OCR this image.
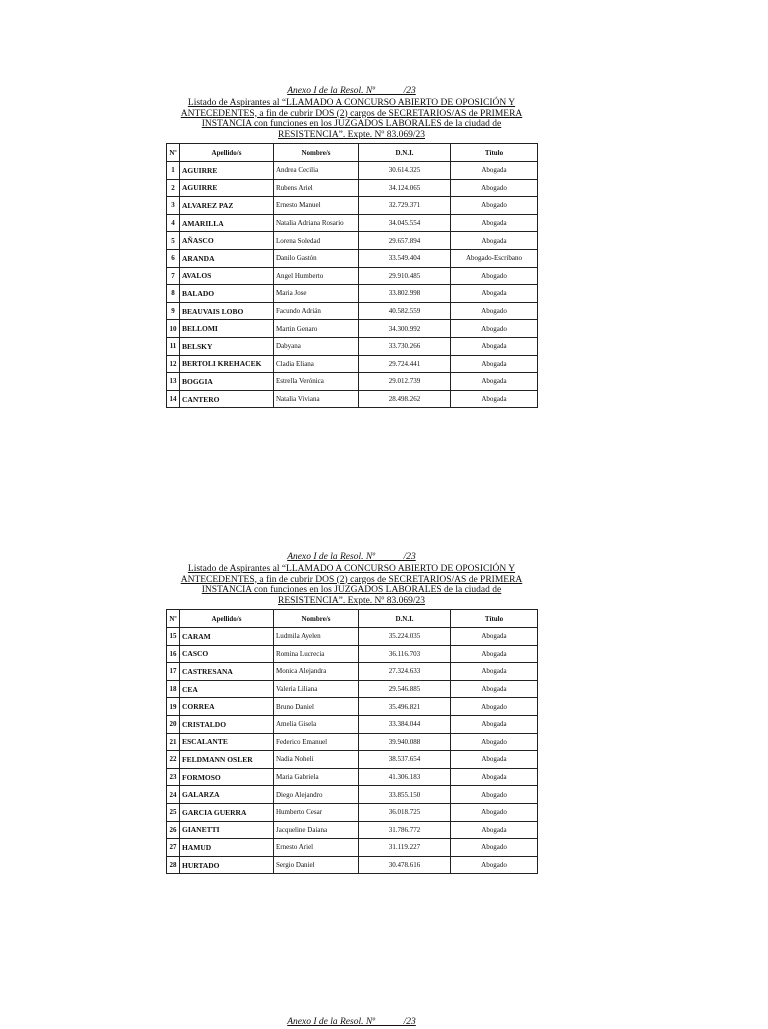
Anexo I de la Resol. Nº            /23
Listado de Aspirantes al “LLAMADO A CONCURSO ABIERTO DE OPOSICIÓN Y ANTECEDENTES, a fin de cubrir DOS (2) cargos de SECRETARIOS/AS de PRIMERA INSTANCIA con funciones en los JUZGADOS LABORALES de la ciudad de RESISTENCIA”. Expte. Nº 83.069/23
Nº	Apellido/s	Nombre/s	D.N.I.	Título
1	AGUIRRE	Andrea Cecilia	30.614.325	Abogada
2	AGUIRRE	Rubens Ariel	34.124.065	Abogado
3	ALVAREZ PAZ	Ernesto Manuel	32.729.371	Abogado
4	AMARILLA	Natalia Adriana Rosario	34.045.554	Abogada
5	AÑASCO	Lorena Soledad	29.657.894	Abogada
6	ARANDA	Danilo Gastón	33.549.404	Abogado-Escribano
7	AVALOS	Angel Humberto	29.910.485	Abogado
8	BALADO	Maria Jose	33.802.998	Abogada
9	BEAUVAIS LOBO	Facundo Adrián	40.582.559	Abogado
10	BELLOMI	Martin Genaro	34.300.992	Abogado
11	BELSKY	Dabyana	33.730.266	Abogada
12	BERTOLI KREHACEK	Cladia Eliana	29.724.441	Abogada
13	BOGGIA	Estrella Verónica	29.012.739	Abogada
14	CANTERO	Natalia Viviana	28.498.262	Abogada
Anexo I de la Resol. Nº            /23
Listado de Aspirantes al “LLAMADO A CONCURSO ABIERTO DE OPOSICIÓN Y ANTECEDENTES, a fin de cubrir DOS (2) cargos de SECRETARIOS/AS de PRIMERA INSTANCIA con funciones en los JUZGADOS LABORALES de la ciudad de RESISTENCIA”. Expte. Nº 83.069/23
Nº	Apellido/s	Nombre/s	D.N.I.	Título
15	CARAM	Ludmila Ayelen	35.224.035	Abogada
16	CASCO	Romina Lucrecia	36.116.703	Abogada
17	CASTRESANA	Monica Alejandra	27.324.633	Abogada
18	CEA	Valeria Liliana	29.546.885	Abogada
19	CORREA	Bruno Daniel	35.496.821	Abogado
20	CRISTALDO	Amelia Gisela	33.384.044	Abogada
21	ESCALANTE	Federico Emanuel	39.940.088	Abogado
22	FELDMANN OSLER	Nadia Noheli	38.537.654	Abogada
23	FORMOSO	Maria Gabriela	41.306.183	Abogada
24	GALARZA	Diego Alejandro	33.855.150	Abogado
25	GARCIA GUERRA	Humberto Cesar	36.018.725	Abogado
26	GIANETTI	Jacqueline Daiana	31.786.772	Abogada
27	HAMUD	Ernesto Ariel	31.119.227	Abogado
28	HURTADO	Sergio Daniel	30.478.616	Abogado
Anexo I de la Resol. Nº            /23
